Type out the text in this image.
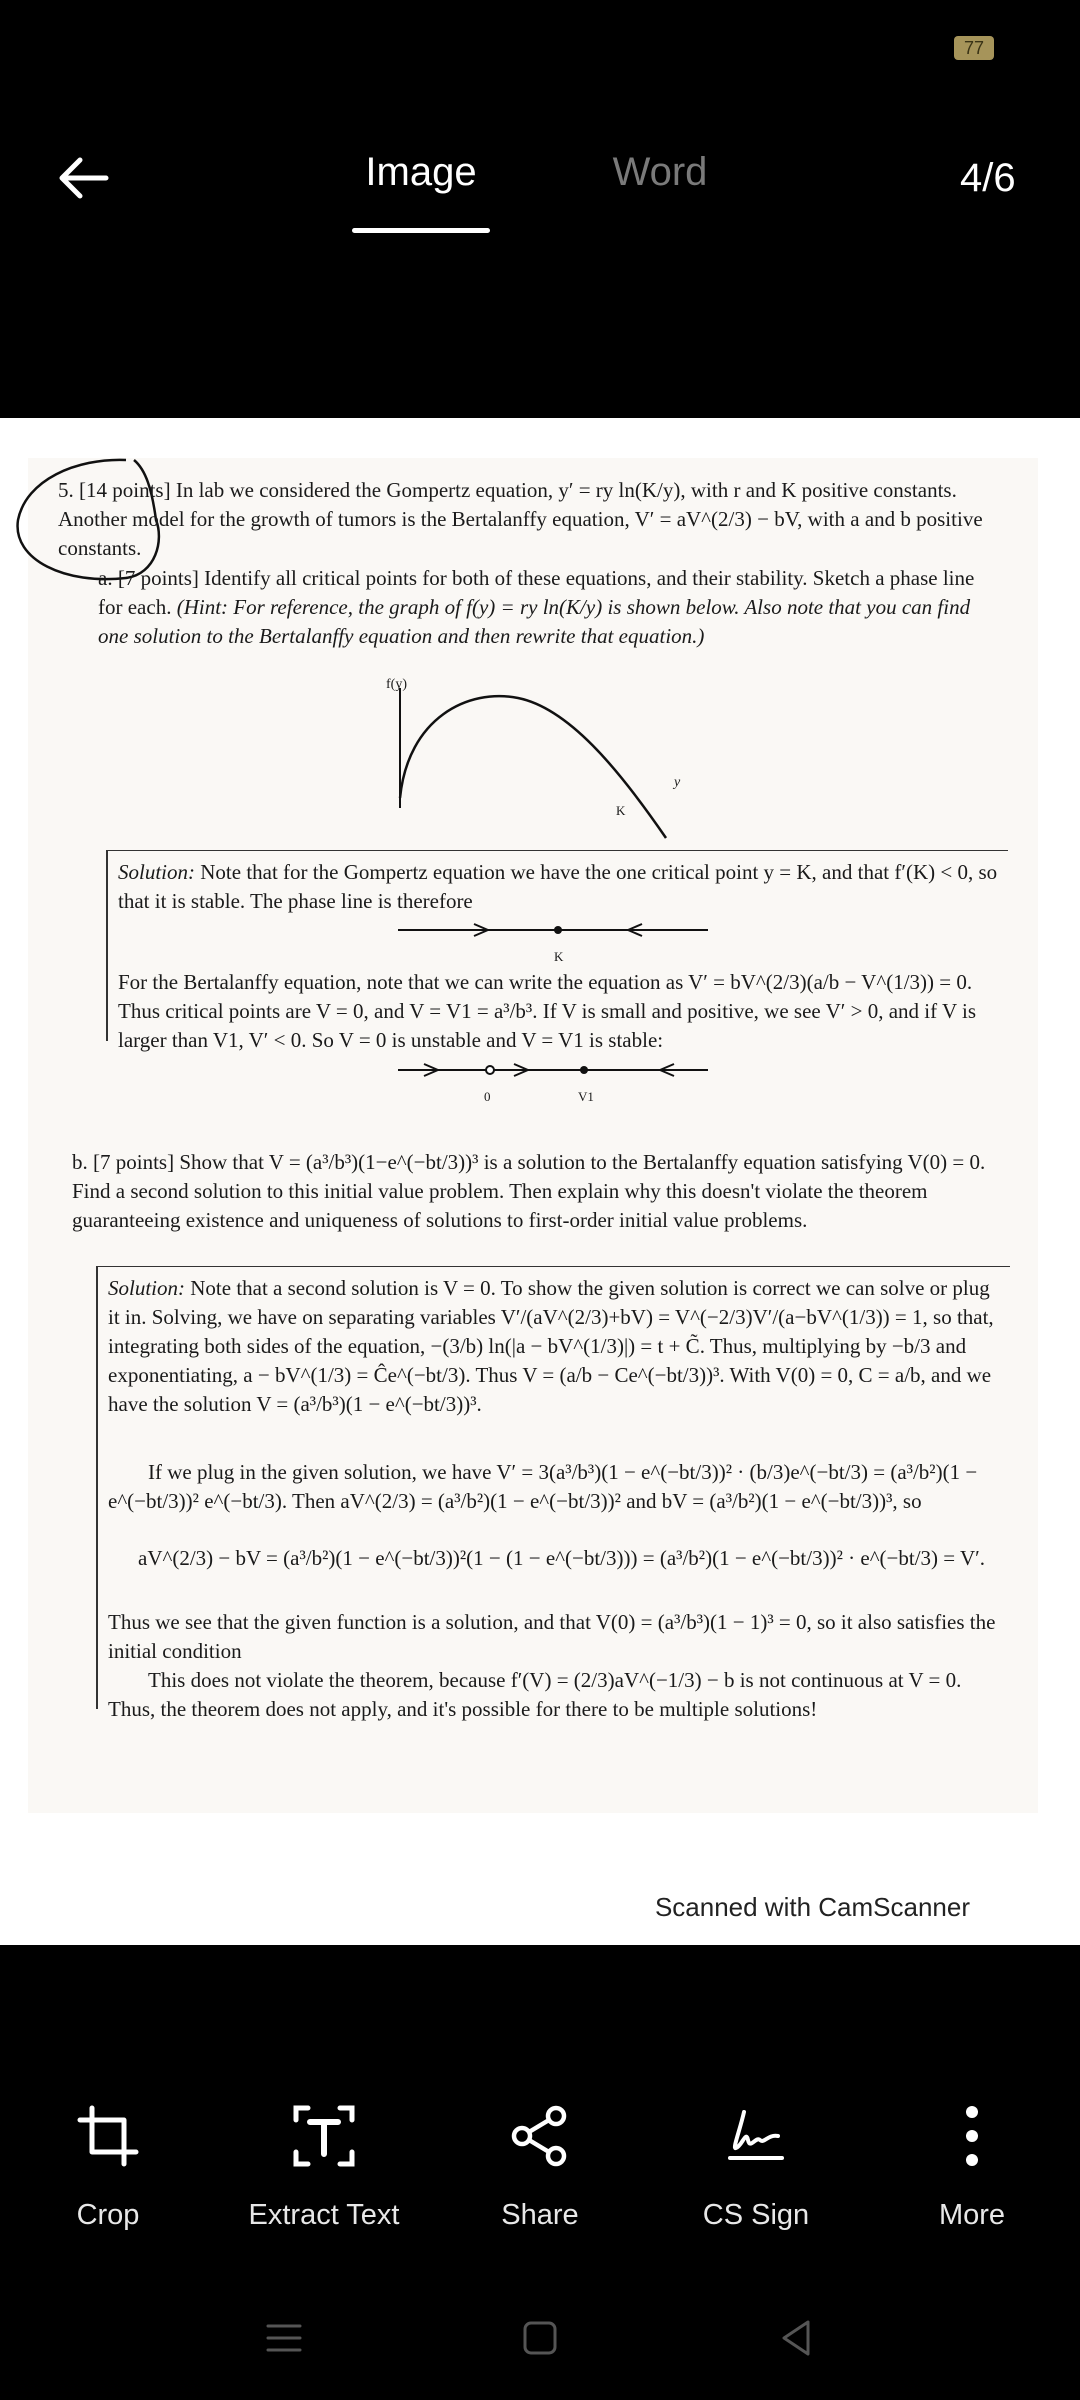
77
Image	Word	4/6

5. [14 points] In lab we considered the Gompertz equation, y′ = ry ln(K/y), with r and K positive constants. Another model for the growth of tumors is the Bertalanffy equation, V′ = aV^(2/3) − bV, with a and b positive constants.

a. [7 points] Identify all critical points for both of these equations, and their stability. Sketch a phase line for each. (Hint: For reference, the graph of f(y) = ry ln(K/y) is shown below. Also note that you can find one solution to the Bertalanffy equation and then rewrite that equation.)

f(y)
K
y

Solution: Note that for the Gompertz equation we have the one critical point y = K, and that f′(K) < 0, so that it is stable. The phase line is therefore

K

For the Bertalanffy equation, note that we can write the equation as V′ = bV^(2/3)(a/b − V^(1/3)) = 0. Thus critical points are V = 0, and V = V1 = a³/b³. If V is small and positive, we see V′ > 0, and if V is larger than V1, V′ < 0. So V = 0 is unstable and V = V1 is stable:

0	V1

b. [7 points] Show that V = (a³/b³)(1−e^(−bt/3))³ is a solution to the Bertalanffy equation satisfying V(0) = 0. Find a second solution to this initial value problem. Then explain why this doesn't violate the theorem guaranteeing existence and uniqueness of solutions to first-order initial value problems.

Solution: Note that a second solution is V = 0. To show the given solution is correct we can solve or plug it in. Solving, we have on separating variables V′/(aV^(2/3)+bV) = V^(−2/3)V′/(a−bV^(1/3)) = 1, so that, integrating both sides of the equation, −(3/b) ln(|a − bV^(1/3)|) = t + C̃. Thus, multiplying by −b/3 and exponentiating, a − bV^(1/3) = Ĉe^(−bt/3). Thus V = (a/b − Ce^(−bt/3))³. With V(0) = 0, C = a/b, and we have the solution V = (a³/b³)(1 − e^(−bt/3))³.

If we plug in the given solution, we have V′ = 3(a³/b³)(1 − e^(−bt/3))² · (b/3)e^(−bt/3) = (a³/b²)(1 − e^(−bt/3))² e^(−bt/3). Then aV^(2/3) = (a³/b²)(1 − e^(−bt/3))² and bV = (a³/b²)(1 − e^(−bt/3))³, so

aV^(2/3) − bV = (a³/b²)(1 − e^(−bt/3))²(1 − (1 − e^(−bt/3))) = (a³/b²)(1 − e^(−bt/3))² · e^(−bt/3) = V′.

Thus we see that the given function is a solution, and that V(0) = (a³/b³)(1 − 1)³ = 0, so it also satisfies the initial condition

This does not violate the theorem, because f′(V) = (2/3)aV^(−1/3) − b is not continuous at V = 0. Thus, the theorem does not apply, and it's possible for there to be multiple solutions!

Scanned with CamScanner
Crop	Extract Text	Share	CS Sign	More
